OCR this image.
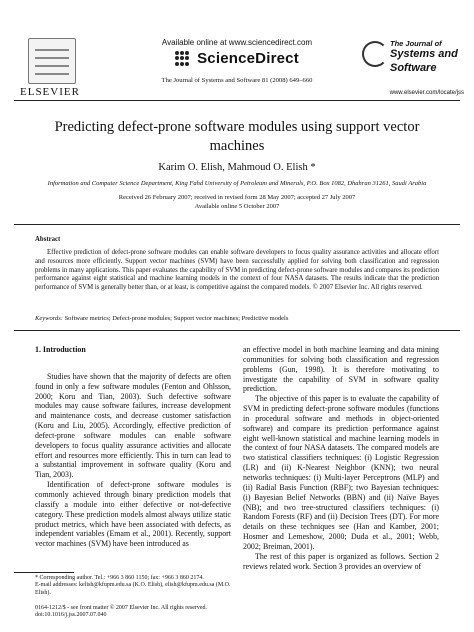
ELSEVIER
Available online at www.sciencedirect.com
ScienceDirect
The Journal of Systems and Software 81 (2008) 649–660
The Journal of
Systems and
Software
www.elsevier.com/locate/jss
Predicting defect-prone software modules using support vector machines
Karim O. Elish, Mahmoud O. Elish *
Information and Computer Science Department, King Fahd University of Petroleum and Minerals, P.O. Box 1082, Dhahran 31261, Saudi Arabia
Received 26 February 2007; received in revised form 28 May 2007; accepted 27 July 2007
Available online 5 October 2007
Abstract

Effective prediction of defect-prone software modules can enable software developers to focus quality assurance activities and allocate effort and resources more efficiently. Support vector machines (SVM) have been successfully applied for solving both classification and regression problems in many applications. This paper evaluates the capability of SVM in predicting defect-prone software modules and compares its prediction performance against eight statistical and machine learning models in the context of four NASA datasets. The results indicate that the prediction performance of SVM is generally better than, or at least, is competitive against the compared models. © 2007 Elsevier Inc. All rights reserved.

Keywords: Software metrics; Defect-prone modules; Support vector machines; Predictive models

1. Introduction

Studies have shown that the majority of defects are often found in only a few software modules (Fenton and Ohlsson, 2000; Koru and Tian, 2003). Such defective software modules may cause software failures, increase development and maintenance costs, and decrease customer satisfaction (Koru and Liu, 2005). Accordingly, effective prediction of defect-prone software modules can enable software developers to focus quality assurance activities and allocate effort and resources more efficiently. This in turn can lead to a substantial improvement in software quality (Koru and Tian, 2003).

Identification of defect-prone software modules is commonly achieved through binary prediction models that classify a module into either defective or not-defective category. These prediction models almost always utilize static product metrics, which have been associated with defects, as independent variables (Emam et al., 2001). Recently, support vector machines (SVM) have been introduced as

an effective model in both machine learning and data mining communities for solving both classification and regression problems (Gun, 1998). It is therefore motivating to investigate the capability of SVM in software quality prediction.

The objective of this paper is to evaluate the capability of SVM in predicting defect-prone software modules (functions in procedural software and methods in object-oriented software) and compare its prediction performance against eight well-known statistical and machine learning models in the context of four NASA datasets. The compared models are two statistical classifiers techniques: (i) Logistic Regression (LR) and (ii) K-Nearest Neighbor (KNN); two neural networks techniques: (i) Multi-layer Perceptrons (MLP) and (ii) Radial Basis Function (RBF); two Bayesian techniques: (i) Bayesian Belief Networks (BBN) and (ii) Naïve Bayes (NB); and two tree-structured classifiers techniques: (i) Random Forests (RF) and (ii) Decision Trees (DT). For more details on these techniques see (Han and Kamber, 2001; Hosmer and Lemeshow, 2000; Duda et al., 2001; Webb, 2002; Breiman, 2001).

The rest of this paper is organized as follows. Section 2 reviews related work. Section 3 provides an overview of

* Corresponding author. Tel.: +966 3 860 1150; fax: +966 3 860 2174.

E-mail addresses: kelish@kfupm.edu.sa (K.O. Elish), elish@kfupm.edu.sa (M.O. Elish).

0164-1212/$ - see front matter © 2007 Elsevier Inc. All rights reserved.
doi:10.1016/j.jss.2007.07.040
